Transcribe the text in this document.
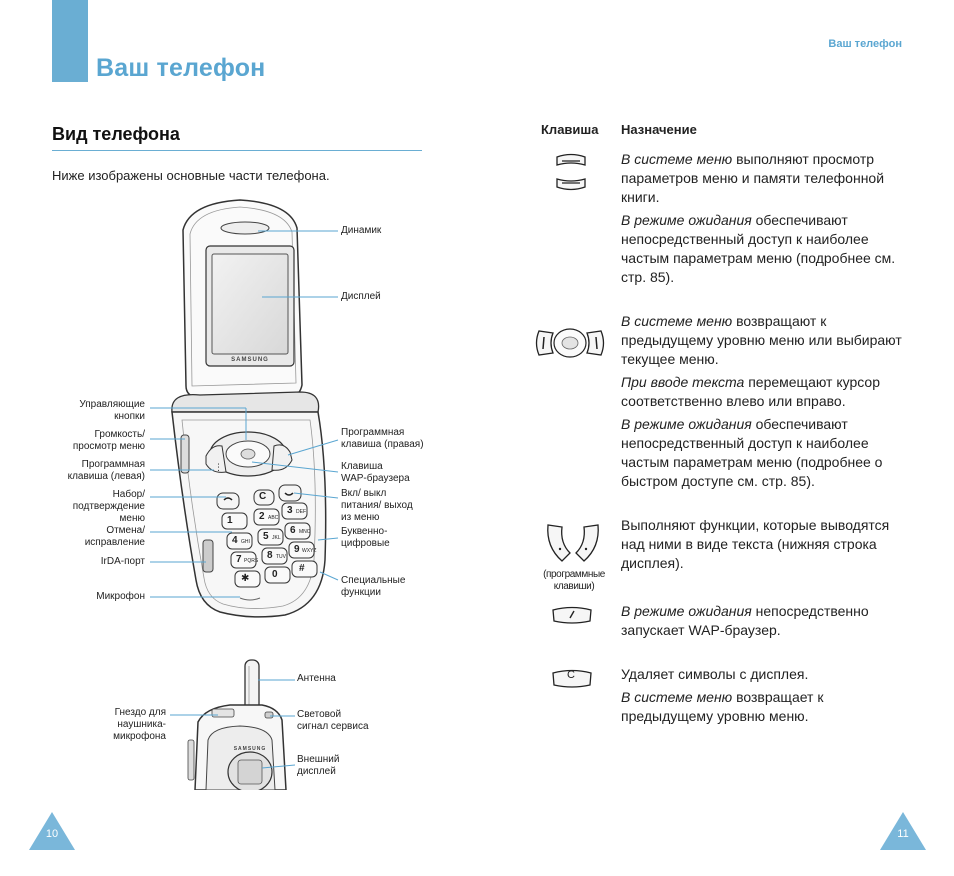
Ваш телефон
Ваш телефон
Вид телефона
Ниже изображены основные части телефона.
SAMSUNG
⋮
C
1	2 ABC
3 DEF
4 GHI 5 JKL
6 MNO
7 PQRS 8 TUV
9 WXYZ
✱ 0
#
Управляющие
кнопки
Громкость/
просмотр меню
Программная
клавиша (левая)
Набор/
подтверждение
меню
Отмена/
исправление
IrDA-порт
Микрофон
Динамик
Дисплей
Программная
клавиша (правая)
Клавиша
WAP-браузера
Вкл/ выкл
питания/ выход
из меню
Буквенно-
цифровые
Специальные
функции
SAMSUNG
Антенна
Гнездо для
наушника-
микрофона
Световой
сигнал сервиса
Внешний
дисплей
Клавиша Назначение
(программные
клавиши)
C

В системе меню выполняют просмотр параметров меню и памяти телефонной книги.

В режиме ожидания обеспечивают непосредственный доступ к наиболее частым параметрам меню (подробнее см. стр. 85).

В системе меню возвращают к предыдущему уровню меню или выбирают текущее меню.

При вводе текста перемещают курсор соответственно влево или вправо.

В режиме ожидания обеспечивают непосредственный доступ к наиболее частым параметрам меню (подробнее о быстром доступе см. стр. 85).

Выполняют функции, которые выводятся над ними в виде текста (нижняя строка дисплея).

В режиме ожидания непосредственно запускает WAP-браузер.

Удаляет символы с дисплея.

В системе меню возвращает к предыдущему уровню меню.

10	11
